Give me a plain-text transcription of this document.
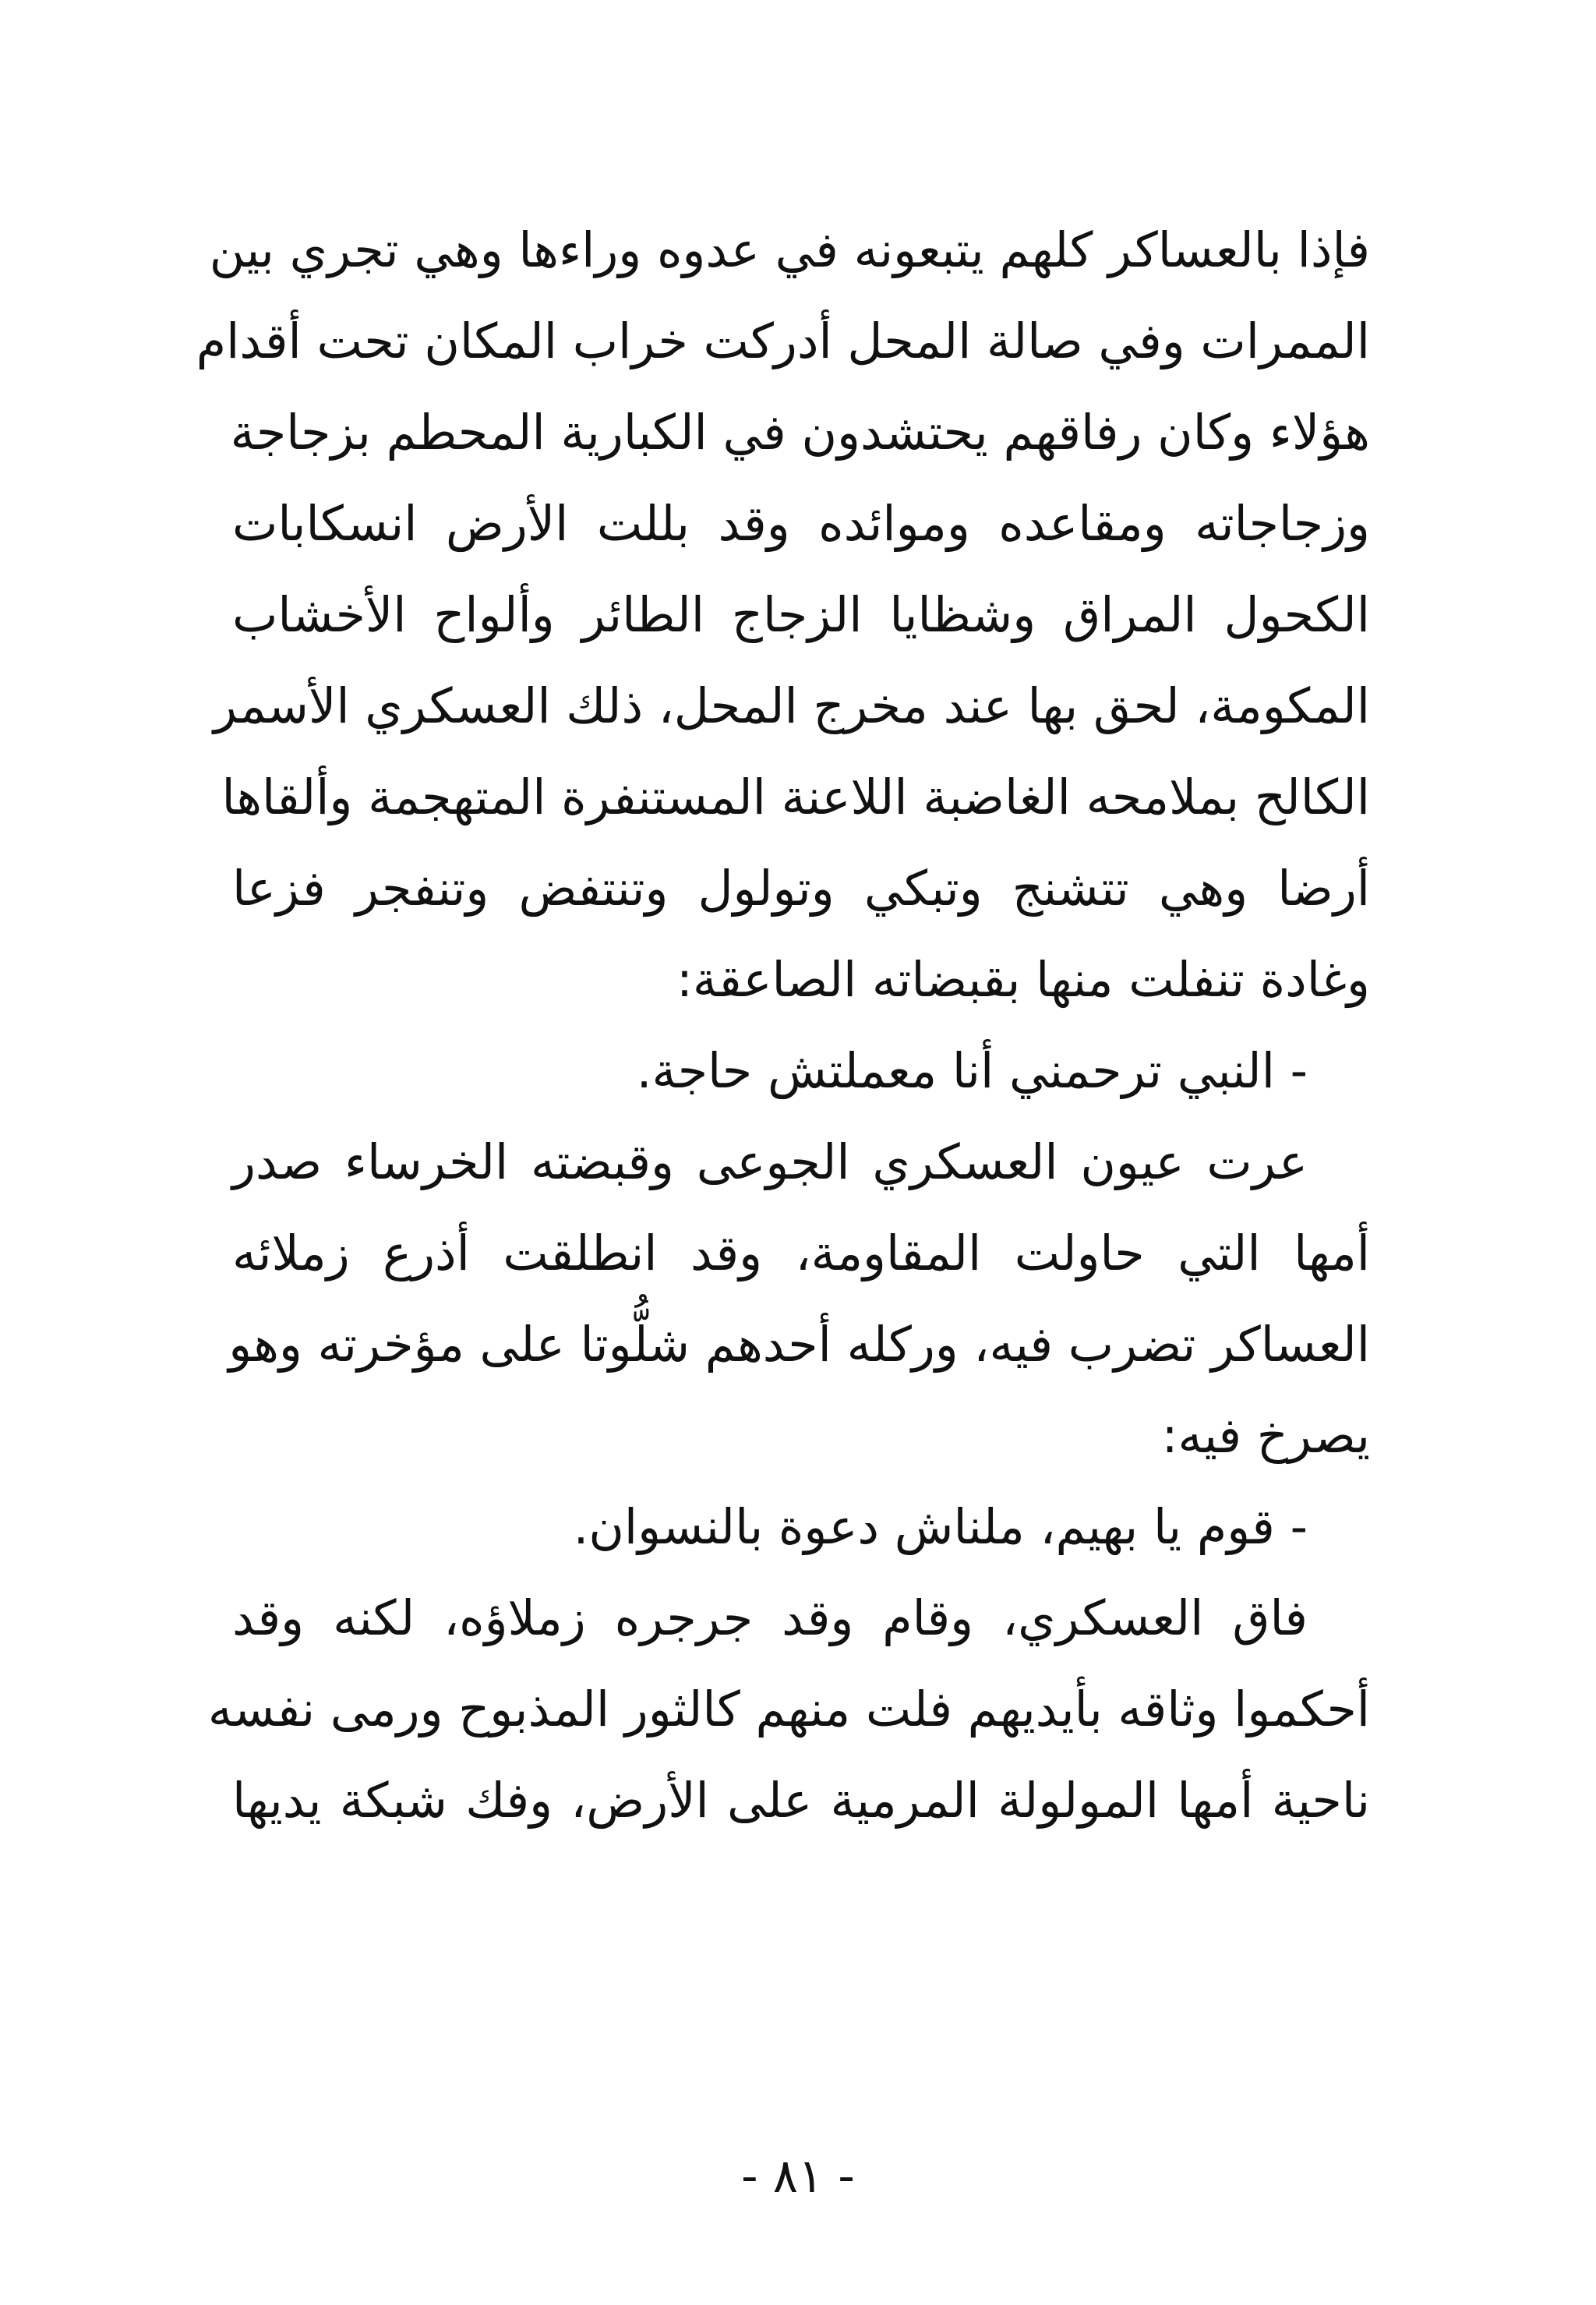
فإذا بالعساكر كلهم يتبعونه في عدوه وراءها وهي تجري بين
الممرات وفي صالة المحل أدركت خراب المكان تحت أقدام
هؤلاء وكان رفاقهم يحتشدون في الكبارية المحطم بزجاجة
وزجاجاته ومقاعده وموائده وقد بللت الأرض انسكابات
الكحول المراق وشظايا الزجاج الطائر وألواح الأخشاب
المكومة، لحق بها عند مخرج المحل، ذلك العسكري الأسمر
الكالح بملامحه الغاضبة اللاعنة المستنفرة المتهجمة وألقاها
أرضا وهي تتشنج وتبكي وتولول وتنتفض وتنفجر فزعا
وغادة تنفلت منها بقبضاته الصاعقة:
- النبي ترحمني أنا معملتش حاجة.
عرت عيون العسكري الجوعى وقبضته الخرساء صدر
أمها التي حاولت المقاومة، وقد انطلقت أذرع زملائه
العساكر تضرب فيه، وركله أحدهم شلُّوتا على مؤخرته وهو
يصرخ فيه:
- قوم يا بهيم، ملناش دعوة بالنسوان.
فاق العسكري، وقام وقد جرجره زملاؤه، لكنه وقد
أحكموا وثاقه بأيديهم فلت منهم كالثور المذبوح ورمى نفسه
ناحية أمها المولولة المرمية على الأرض، وفك شبكة يديها
- ٨١ -
